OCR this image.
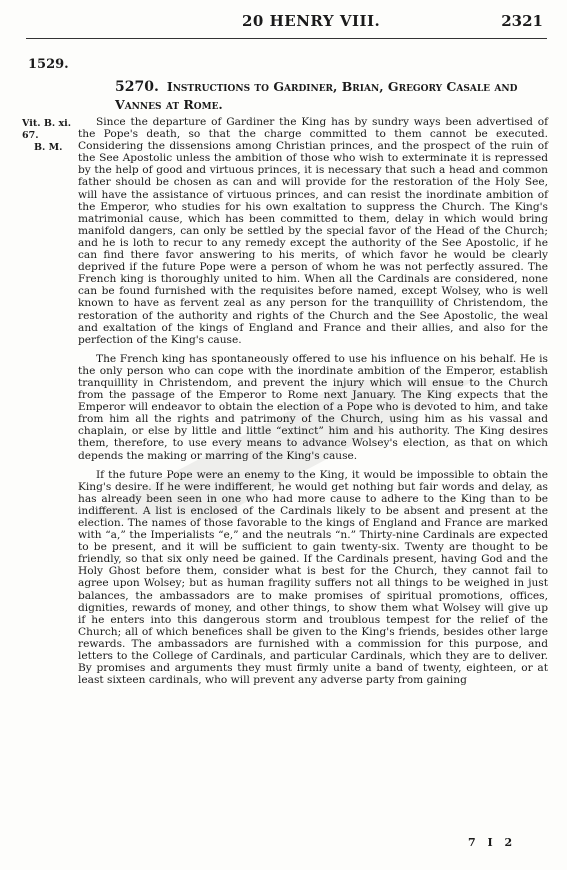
20 HENRY VIII.	2321
1529.
5270. Instructions to Gardiner, Brian, Gregory Casale and Vannes at Rome.
Vit. B. xi. 67.
B. M.

Since the departure of Gardiner the King has by sundry ways been advertised of the Pope's death, so that the charge committed to them cannot be executed. Considering the dissensions among Christian princes, and the prospect of the ruin of the See Apostolic unless the ambition of those who wish to exterminate it is repressed by the help of good and virtuous princes, it is necessary that such a head and common father should be chosen as can and will provide for the restoration of the Holy See, will have the assistance of virtuous princes, and can resist the inordinate ambition of the Emperor, who studies for his own exaltation to suppress the Church. The King's matrimonial cause, which has been committed to them, delay in which would bring manifold dangers, can only be settled by the special favor of the Head of the Church; and he is loth to recur to any remedy except the authority of the See Apostolic, if he can find there favor answering to his merits, of which favor he would be clearly deprived if the future Pope were a person of whom he was not perfectly assured. The French king is thoroughly united to him. When all the Cardinals are considered, none can be found furnished with the requisites before named, except Wolsey, who is well known to have as fervent zeal as any person for the tranquillity of Christendom, the restoration of the authority and rights of the Church and the See Apostolic, the weal and exaltation of the kings of England and France and their allies, and also for the perfection of the King's cause.

The French king has spontaneously offered to use his influence on his behalf. He is the only person who can cope with the inordinate ambition of the Emperor, establish tranquillity in Christendom, and prevent the injury which will ensue to the Church from the passage of the Emperor to Rome next January. The King expects that the Emperor will endeavor to obtain the election of a Pope who is devoted to him, and take from him all the rights and patrimony of the Church, using him as his vassal and chaplain, or else by little and little “extinct” him and his authority. The King desires them, therefore, to use every means to advance Wolsey's election, as that on which depends the making or marring of the King's cause.

If the future Pope were an enemy to the King, it would be impossible to obtain the King's desire. If he were indifferent, he would get nothing but fair words and delay, as has already been seen in one who had more cause to adhere to the King than to be indifferent. A list is enclosed of the Cardinals likely to be absent and present at the election. The names of those favorable to the kings of England and France are marked with “a,” the Imperialists “e,” and the neutrals “n.” Thirty-nine Cardinals are expected to be present, and it will be sufficient to gain twenty-six. Twenty are thought to be friendly, so that six only need be gained. If the Cardinals present, having God and the Holy Ghost before them, consider what is best for the Church, they cannot fail to agree upon Wolsey; but as human fragility suffers not all things to be weighed in just balances, the ambassadors are to make promises of spiritual promotions, offices, dignities, rewards of money, and other things, to show them what Wolsey will give up if he enters into this dangerous storm and troublous tempest for the relief of the Church; all of which benefices shall be given to the King's friends, besides other large rewards. The ambassadors are furnished with a commission for this purpose, and letters to the College of Cardinals, and particular Cardinals, which they are to deliver. By promises and arguments they must firmly unite a band of twenty, eighteen, or at least sixteen cardinals, who will prevent any adverse party from gaining

7 I 2
